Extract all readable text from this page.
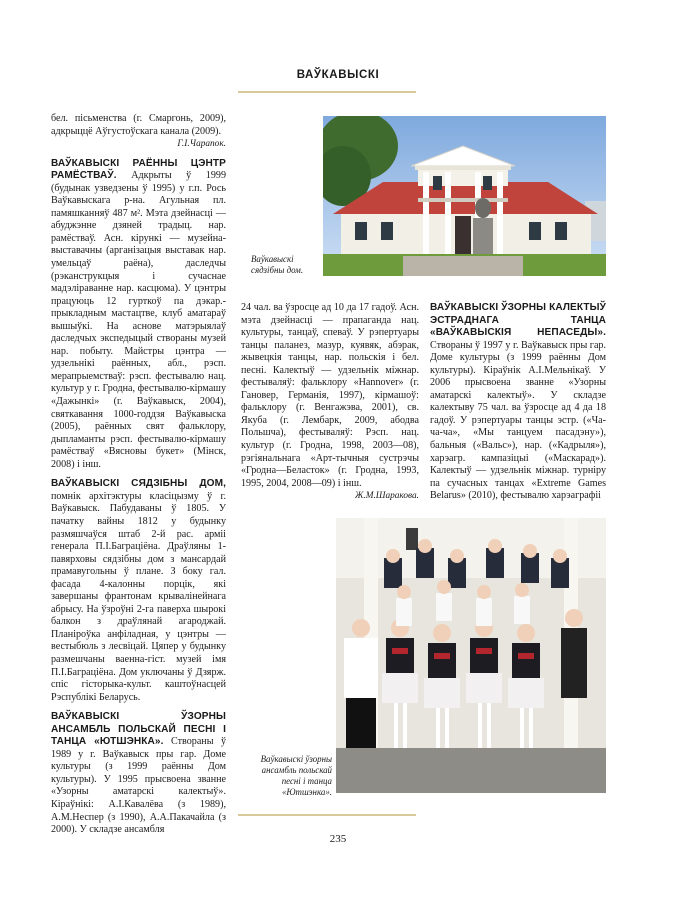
ВАЎКАВЫСКІ

бел. пісьменства (г. Смаргонь, 2009), адкрыццё Аўгустоўскага канала (2009).
Г.І.Чарапок.

ВАЎКАВЫСКІ РАЁННЫ ЦЭНТР РАМЁСТВАЎ. Адкрыты ў 1999 (будынак узведзены ў 1995) у г.п. Рось Ваўкавыскага р-на. Агульная пл. памяшканняў 487 м². Мэта дзейнасці — абуджэнне дзяней традыц. нар. рамёстваў. Асн. кірункі — музейна-выставачны (арганізацыя выставак нар. умельцаў раёна), даследчы (рэканструкцыя і сучаснае мадэліраванне нар. касцюма). У цэнтры працуюць 12 гурткоў па дэкар.-прыкладным мастацтве, клуб аматараў вышыўкі. На аснове матэрыялаў даследчых экспедыцый створаны музей нар. побыту. Майстры цэнтра — удзельнікі раённых, абл., рэсп. мерапрыемстваў: рэсп. фестывалю нац. культур у г. Гродна, фестывалю-кірмашу «Дажынкі» (г. Ваўкавыск, 2004), святкавання 1000-годдзя Ваўкавыска (2005), раённых свят фальклору, дыпламанты рэсп. фестывалю-кірмашу рамёстваў «Вясновы букет» (Мінск, 2008) і інш.

ВАЎКАВЫСКІ СЯДЗІБНЫ ДОМ, помнік архітэктуры класіцызму ў г. Ваўкавыск. Пабудаваны ў 1805. У пачатку вайны 1812 у будынку размяшчаўся штаб 2-й рас. арміі генерала П.І.Баграціёна. Драўляны 1-павярховы сядзібны дом з мансардай прамавугольны ў плане. З боку гал. фасада 4-калонны порцік, які завершаны франтонам крывалінейнага абрысу. На ўзроўні 2-га паверха шырокі балкон з драўлянай агароджай. Планіроўка анфіладная, у цэнтры — вестыбюль з лесвіцай. Цяпер у будынку размешчаны ваенна-гіст. музей імя П.І.Баграціёна. Дом уключаны ў Дзярж. спіс гісторыка-культ. каштоўнасцей Рэспублікі Беларусь.

ВАЎКАВЫСКІ ЎЗОРНЫ АНСАМБЛЬ ПОЛЬСКАЙ ПЕСНІ І ТАНЦА «ЮТШЭНКА». Створаны ў 1989 у г. Ваўкавыск пры гар. Доме культуры (з 1999 раённы Дом культуры). У 1995 прысвоена званне «Узорны аматарскі калектыў». Кіраўнікі: А.І.Кавалёва (з 1989), А.М.Неспер (з 1990), А.А.Пакачайла (з 2000). У складзе ансамбля

Ваўкавыскі сядзібны дом.

24 чал. ва ўзросце ад 10 да 17 гадоў. Асн. мэта дзейнасці — прапаганда нац. культуры, танцаў, спеваў. У рэпертуары танцы паланез, мазур, куявяк, абэрак, жывецкія танцы, нар. польскія і бел. песні. Калектыў — удзельнік міжнар. фестываляў: фальклору «Hannover» (г. Гановер, Германія, 1997), кірмашоў: фальклору (г. Венгажэва, 2001), св. Якуба (г. Лембарк, 2009, абодва Польшча), фестываляў: Рэсп. нац. культур (г. Гродна, 1998, 2003—08), рэгіянальнага «Арт-тычныя сустрэчы «Гродна—Беласток» (г. Гродна, 1993, 1995, 2004, 2008—09) і інш.
Ж.М.Шаракова.

ВАЎКАВЫСКІ ЎЗОРНЫ КАЛЕКТЫЎ ЭСТРАДНАГА ТАНЦА «ВАЎКАВЫСКІЯ НЕПАСЕДЫ». Створаны ў 1997 у г. Ваўкавыск пры гар. Доме культуры (з 1999 раённы Дом культуры). Кіраўнік А.І.Мельнікаў. У 2006 прысвоена званне «Узорны аматарскі калектыў». У складзе калектыву 75 чал. ва ўзросце ад 4 да 18 гадоў. У рэпертуары танцы эстр. («Ча-ча-ча», «Мы танцуем пасадэну»), бальныя («Вальс»), нар. («Кадрыля»), харэагр. кампазіцыі («Маскарад»). Калектыў — удзельнік міжнар. турніру па сучасных танцах «Extreme Games Belarus» (2010), фестывалю харэаграфіі

Ваўкавыскі ўзорны ансамбль польскай песні і танца «Ютшэнка».
235
